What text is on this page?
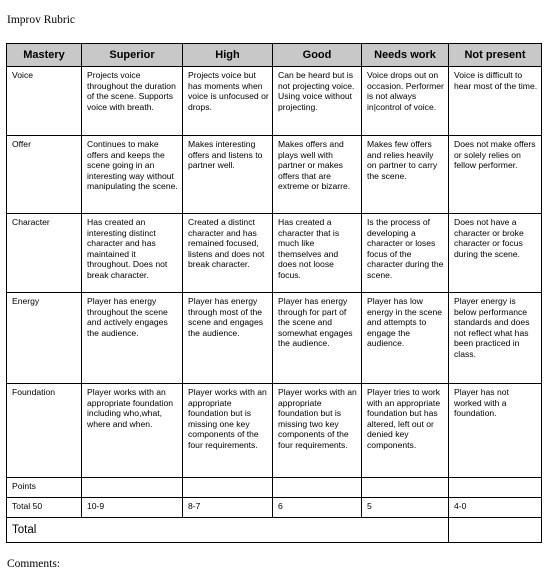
Improv Rubric
Mastery	Superior	High	Good	Needs work	Not present
Voice	Projects voice throughout the duration of the scene. Supports voice with breath.	Projects voice but has moments when voice is unfocused or drops.	Can be heard but is not projecting voice. Using voice without projecting.	Voice drops out on occasion. Performer is not always in|control of voice.	Voice is difficult to hear most of the time.
Offer	Continues to make offers and keeps the scene going in an interesting way without manipulating the scene.	Makes interesting offers and listens to partner well.	Makes offers and plays well with partner or makes offers that are extreme or bizarre.	Makes few offers and relies heavily on partner to carry the scene.	Does not make offers or solely relies on fellow performer.
Character	Has created an interesting distinct character and has maintained it throughout. Does not break character.	Created a distinct character and has remained focused, listens and does not break character.	Has created a character that is much like themselves and does not loose focus.	Is the process of developing a character or loses focus of the character during the scene.	Does not have a character or broke character or focus during the scene.
Energy	Player has energy throughout the scene and actively engages the audience.	Player has energy through most of the scene and engages the audience.	Player has energy through for part of the scene and somewhat engages the audience.	Player has low energy in the scene and attempts to engage the audience.	Player energy is below performance standards and does not reflect what has been practiced in class.
Foundation	Player works with an appropriate foundation including who,what, where and when.	Player works with an appropriate foundation but is missing one key components of the four requirements.	Player works with an appropriate foundation but is missing two key components of the four requirements.	Player tries to work with an appropriate foundation but has altered, left out or denied key components.	Player has not worked with a foundation.
Points					
Total 50	10-9	8-7	6	5	4-0
Total					
Comments:
